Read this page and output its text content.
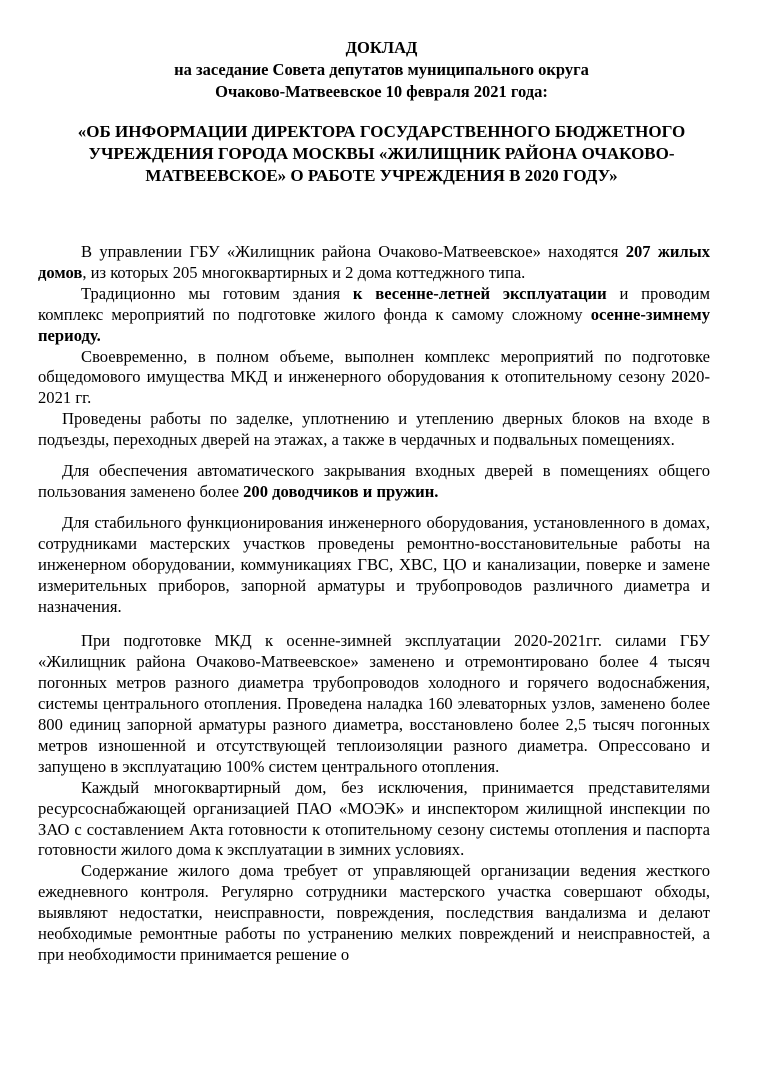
ДОКЛАД

на заседание Совета депутатов муниципального округа

Очаково-Матвеевское 10 февраля 2021 года:

«ОБ ИНФОРМАЦИИ ДИРЕКТОРА ГОСУДАРСТВЕННОГО БЮДЖЕТНОГО

УЧРЕЖДЕНИЯ ГОРОДА МОСКВЫ «ЖИЛИЩНИК РАЙОНА ОЧАКОВО-

МАТВЕЕВСКОЕ» О РАБОТЕ УЧРЕЖДЕНИЯ В 2020 ГОДУ»

В управлении ГБУ «Жилищник района Очаково-Матвеевское» находятся 207 жилых домов, из которых 205 многоквартирных и 2 дома коттеджного типа.

Традиционно мы готовим здания к весенне-летней эксплуатации и проводим комплекс мероприятий по подготовке жилого фонда к самому сложному осенне-зимнему периоду.

Своевременно, в полном объеме, выполнен комплекс мероприятий по подготовке общедомового имущества МКД и инженерного оборудования к отопительному сезону 2020-2021 гг.

Проведены работы по заделке, уплотнению и утеплению дверных блоков на входе в подъезды, переходных дверей на этажах, а также в чердачных и подвальных помещениях.

Для обеспечения автоматического закрывания входных дверей в помещениях общего пользования заменено более 200 доводчиков и пружин.

Для стабильного функционирования инженерного оборудования, установленного в домах, сотрудниками мастерских участков проведены ремонтно-восстановительные работы на инженерном оборудовании, коммуникациях ГВС, ХВС, ЦО и канализации, поверке и замене измерительных приборов, запорной арматуры и трубопроводов различного диаметра и назначения.

При подготовке МКД к осенне-зимней эксплуатации 2020-2021гг. силами ГБУ «Жилищник района Очаково-Матвеевское» заменено и отремонтировано более 4 тысяч погонных метров разного диаметра трубопроводов холодного и горячего водоснабжения, системы центрального отопления. Проведена наладка 160 элеваторных узлов, заменено более 800 единиц запорной арматуры разного диаметра, восстановлено более 2,5 тысяч погонных метров изношенной и отсутствующей теплоизоляции разного диаметра. Опрессовано и запущено в эксплуатацию 100% систем центрального отопления.

Каждый многоквартирный дом, без исключения, принимается представителями ресурсоснабжающей организацией ПАО «МОЭК» и инспектором жилищной инспекции по ЗАО с составлением Акта готовности к отопительному сезону системы отопления и паспорта готовности жилого дома к эксплуатации в зимних условиях.

Содержание жилого дома требует от управляющей организации ведения жесткого ежедневного контроля. Регулярно сотрудники мастерского участка совершают обходы, выявляют недостатки, неисправности, повреждения, последствия вандализма и делают необходимые ремонтные работы по устранению мелких повреждений и неисправностей, а при необходимости принимается решение о
